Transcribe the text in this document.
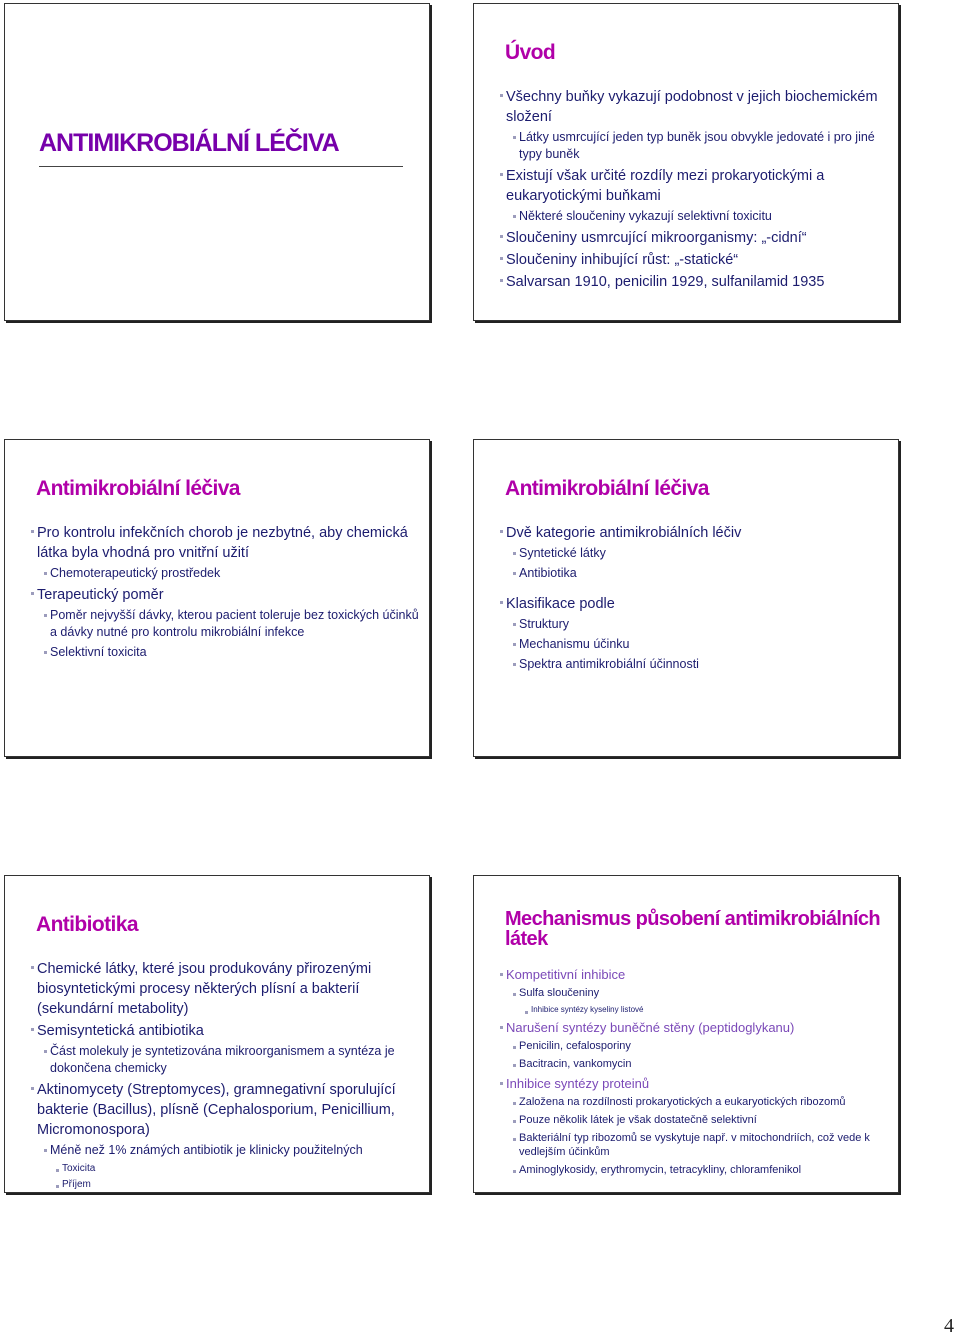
ANTIMIKROBIÁLNÍ LÉČIVA
Úvod
Všechny buňky vykazují podobnost v jejich biochemickém složení
Látky usmrcující jeden typ buněk jsou obvykle jedovaté i pro jiné typy buněk
Existují však určité rozdíly mezi prokaryotickými a eukaryotickými buňkami
Některé sloučeniny vykazují selektivní toxicitu
Sloučeniny usmrcující mikroorganismy: „-cidní“
Sloučeniny inhibující růst: „-statické“
Salvarsan 1910, penicilin 1929, sulfanilamid 1935
Antimikrobiální léčiva
Pro kontrolu infekčních chorob je nezbytné, aby chemická látka byla vhodná pro vnitřní užití
Chemoterapeutický prostředek
Terapeutický poměr
Poměr nejvyšší dávky, kterou pacient toleruje bez toxických účinků a dávky nutné pro kontrolu mikrobiální infekce
Selektivní toxicita
Antimikrobiální léčiva
Dvě kategorie antimikrobiálních léčiv
Syntetické látky
Antibiotika
Klasifikace podle
Struktury
Mechanismu účinku
Spektra antimikrobiální účinnosti
Antibiotika
Chemické látky, které jsou produkovány přirozenými biosyntetickými procesy některých plísní a bakterií (sekundární metabolity)
Semisyntetická antibiotika
Část molekuly je syntetizována mikroorganismem a syntéza je dokončena chemicky
Aktinomycety (Streptomyces), gramnegativní sporulující bakterie (Bacillus), plísně (Cephalosporium, Penicillium, Micromonospora)
Méně než 1% známých antibiotik je klinicky použitelných
Toxicita
Příjem
Mechanismus působení antimikrobiálních látek
Kompetitivní inhibice
Sulfa sloučeniny
Inhibice syntézy kyseliny listové
Narušení syntézy buněčné stěny (peptidoglykanu)
Penicilin, cefalosporiny
Bacitracin, vankomycin
Inhibice syntézy proteinů
Založena na rozdílnosti prokaryotických a eukaryotických ribozomů
Pouze několik látek je však dostatečně selektivní
Bakteriální typ ribozomů se vyskytuje např. v mitochondriích, což vede k vedlejším účinkům
Aminoglykosidy, erythromycin, tetracykliny, chloramfenikol
4
